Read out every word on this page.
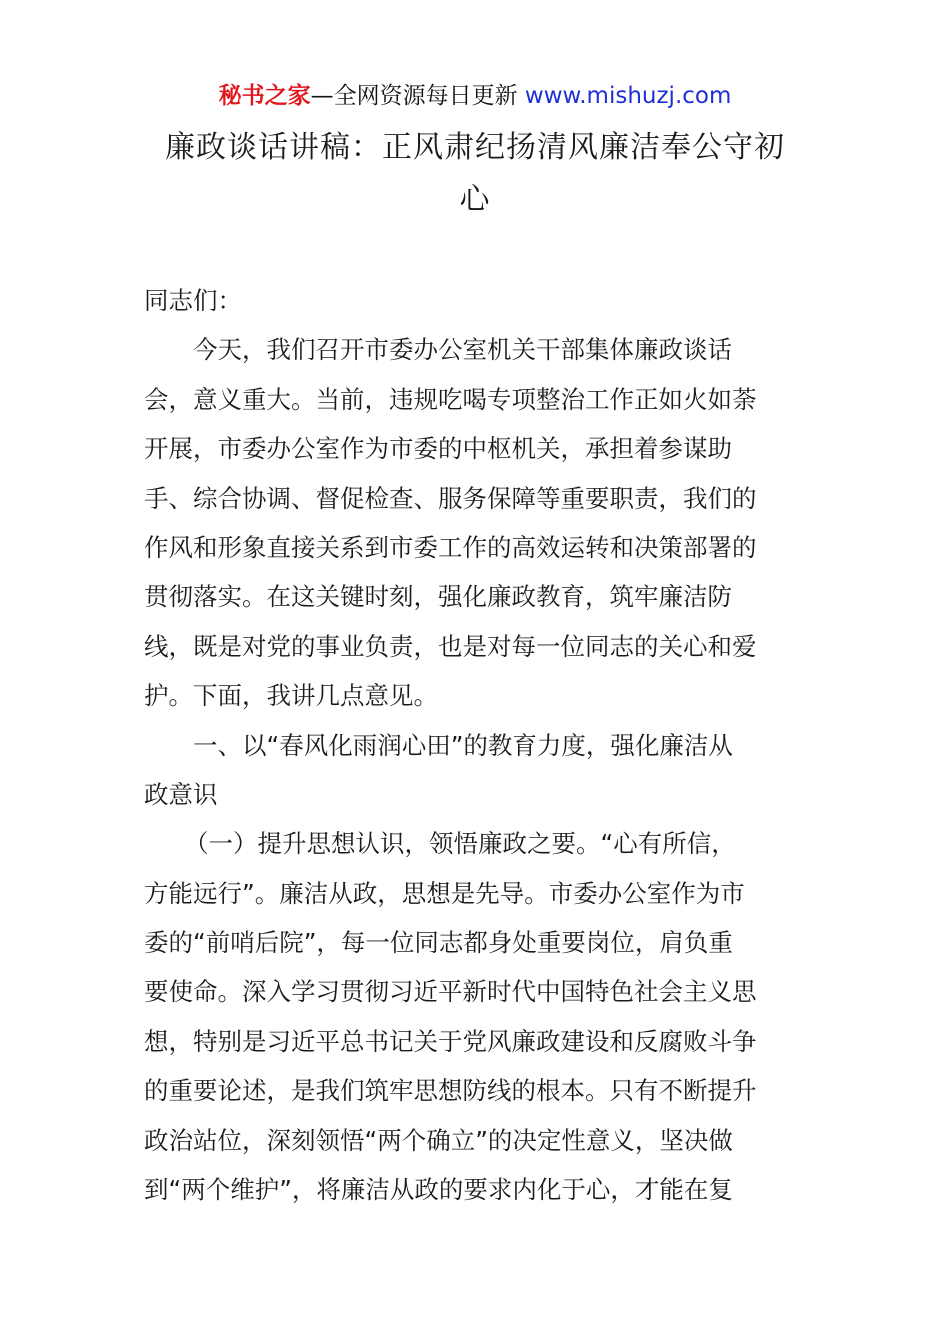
秘书之家—全网资源每日更新 www.mishuzj.com
廉政谈话讲稿：正风肃纪扬清风廉洁奉公守初
心
同志们：
今天，我们召开市委办公室机关干部集体廉政谈话
会，意义重大。当前，违规吃喝专项整治工作正如火如荼
开展，市委办公室作为市委的中枢机关，承担着参谋助
手、综合协调、督促检查、服务保障等重要职责，我们的
作风和形象直接关系到市委工作的高效运转和决策部署的
贯彻落实。在这关键时刻，强化廉政教育，筑牢廉洁防
线，既是对党的事业负责，也是对每一位同志的关心和爱
护。下面，我讲几点意见。
一、以“春风化雨润心田”的教育力度，强化廉洁从
政意识
（一）提升思想认识，领悟廉政之要。“心有所信，
方能远行”。廉洁从政，思想是先导。市委办公室作为市
委的“前哨后院”，每一位同志都身处重要岗位，肩负重
要使命。深入学习贯彻习近平新时代中国特色社会主义思
想，特别是习近平总书记关于党风廉政建设和反腐败斗争
的重要论述，是我们筑牢思想防线的根本。只有不断提升
政治站位，深刻领悟“两个确立”的决定性意义，坚决做
到“两个维护”，将廉洁从政的要求内化于心，才能在复
